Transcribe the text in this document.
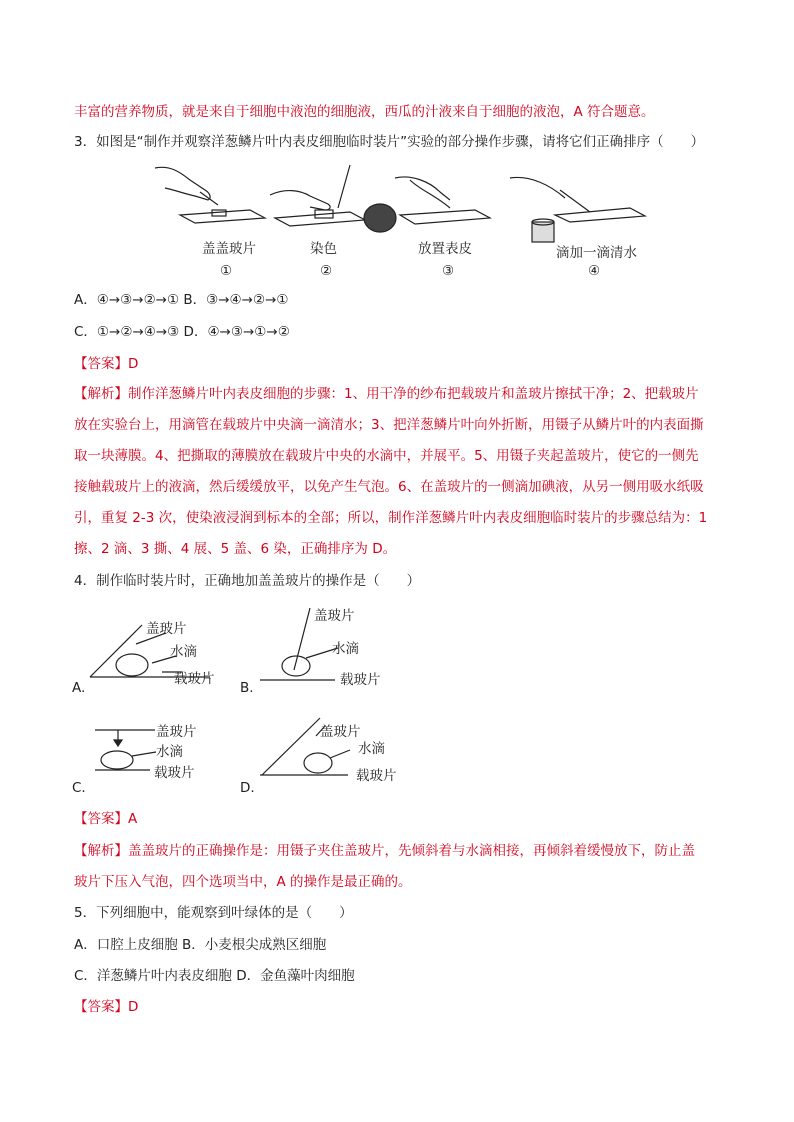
丰富的营养物质，就是来自于细胞中液泡的细胞液，西瓜的汁液来自于细胞的液泡，A 符合题意。
3．如图是“制作并观察洋葱鳞片叶内表皮细胞临时装片”实验的部分操作步骤，请将它们正确排序（　　）
盖盖玻片
①
染色
②
放置表皮
③
滴加一滴清水
④
A．④→③→②→① B．③→④→②→①
C．①→②→④→③ D．④→③→①→②
【答案】D
【解析】制作洋葱鳞片叶内表皮细胞的步骤：1、用干净的纱布把载玻片和盖玻片擦拭干净；2、把载玻片
放在实验台上，用滴管在载玻片中央滴一滴清水；3、把洋葱鳞片叶向外折断，用镊子从鳞片叶的内表面撕
取一块薄膜。4、把撕取的薄膜放在载玻片中央的水滴中，并展平。5、用镊子夹起盖玻片，使它的一侧先
接触载玻片上的液滴，然后缓缓放平，以免产生气泡。6、在盖玻片的一侧滴加碘液，从另一侧用吸水纸吸
引，重复 2-3 次，使染液浸润到标本的全部；所以，制作洋葱鳞片叶内表皮细胞临时装片的步骤总结为：1
擦、2 滴、3 撕、4 展、5 盖、6 染，正确排序为 D。
4．制作临时装片时，正确地加盖盖玻片的操作是（　　）
盖玻片
水滴
载玻片
A.
盖玻片
水滴
载玻片
B.
盖玻片
水滴
载玻片
C.
盖玻片
水滴
载玻片
D.
【答案】A
【解析】盖盖玻片的正确操作是：用镊子夹住盖玻片，先倾斜着与水滴相接，再倾斜着缓慢放下，防止盖
玻片下压入气泡，四个选项当中，A 的操作是最正确的。
5．下列细胞中，能观察到叶绿体的是（　　）
A．口腔上皮细胞 B．小麦根尖成熟区细胞
C．洋葱鳞片叶内表皮细胞 D．金鱼藻叶肉细胞
【答案】D
